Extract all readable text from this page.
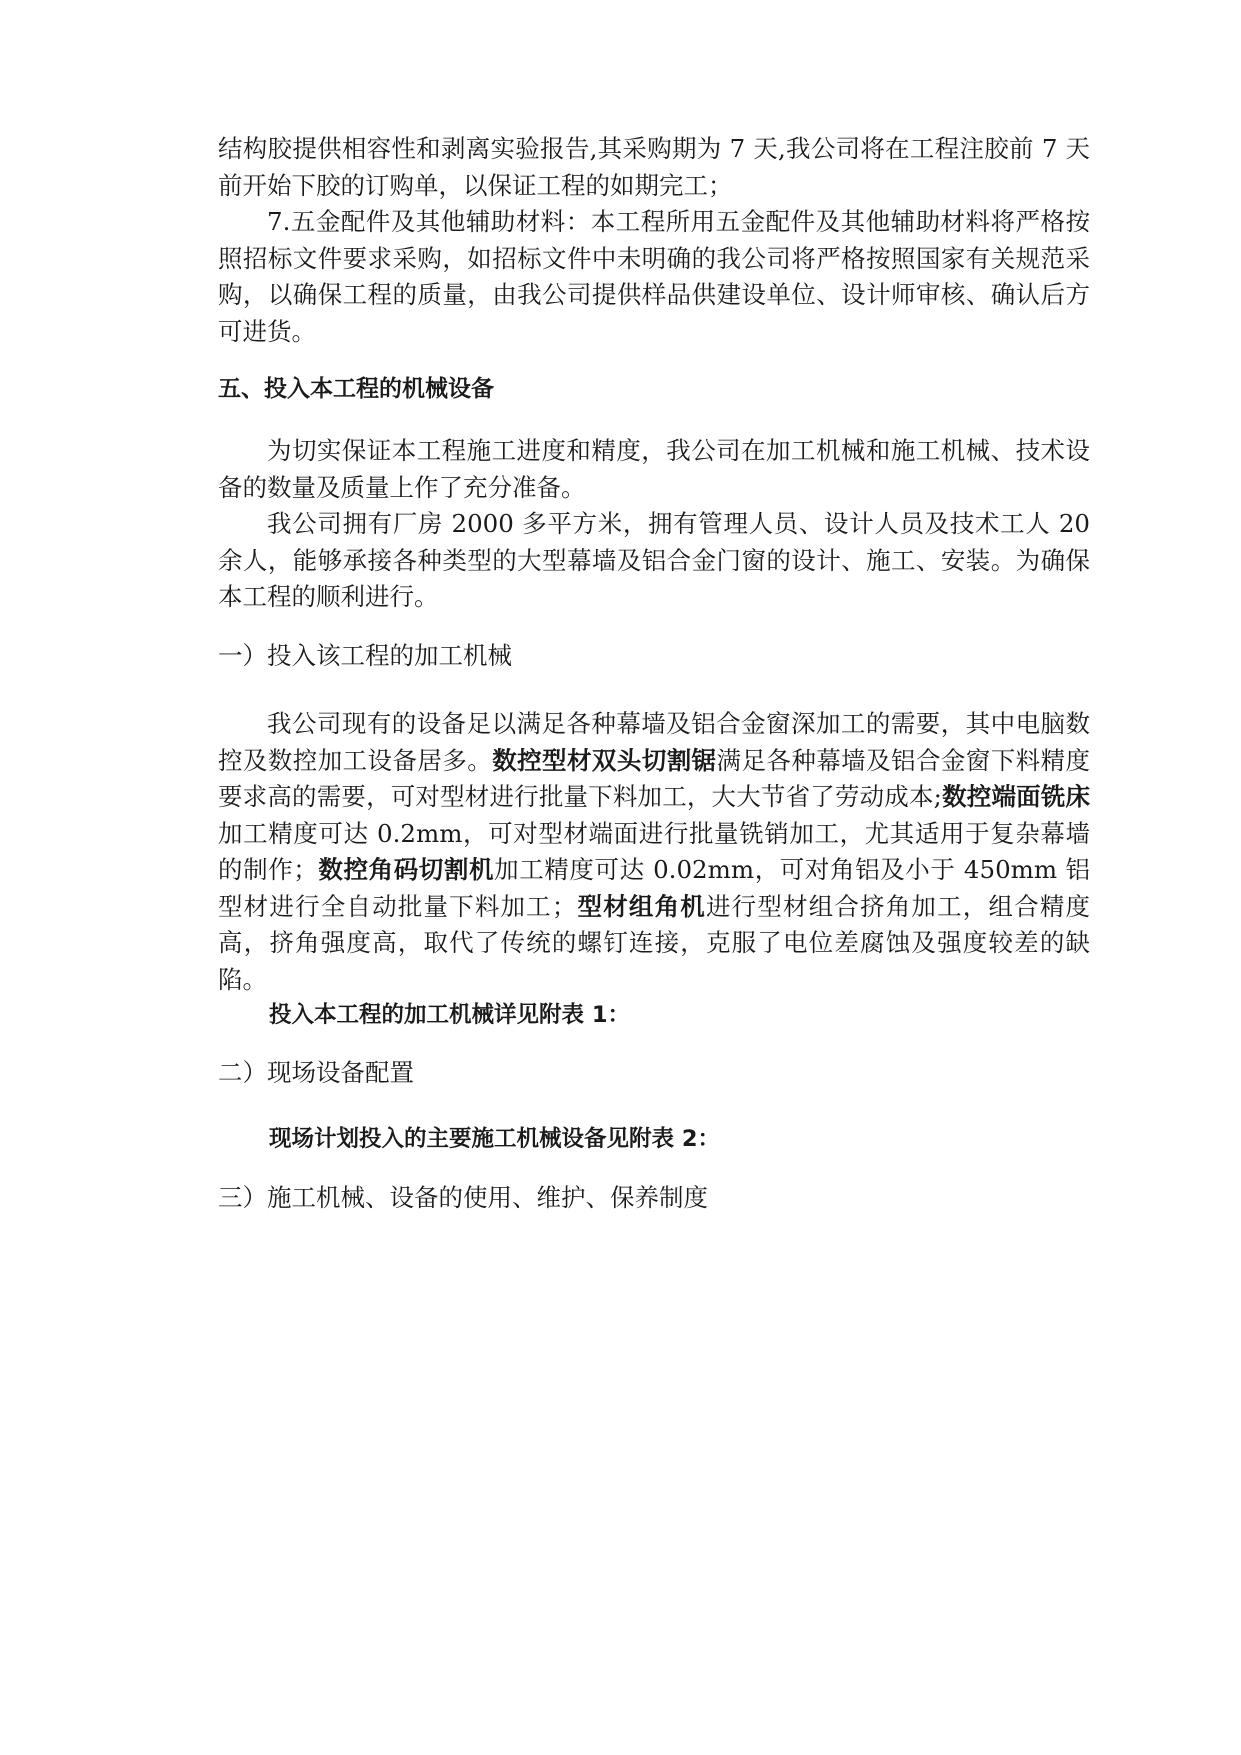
结构胶提供相容性和剥离实验报告,其采购期为 7 天,我公司将在工程注胶前 7 天前开始下胶的订购单，以保证工程的如期完工；

7.五金配件及其他辅助材料：本工程所用五金配件及其他辅助材料将严格按照招标文件要求采购，如招标文件中未明确的我公司将严格按照国家有关规范采购，以确保工程的质量，由我公司提供样品供建设单位、设计师审核、确认后方可进货。

五、投入本工程的机械设备

为切实保证本工程施工进度和精度，我公司在加工机械和施工机械、技术设备的数量及质量上作了充分准备。

我公司拥有厂房 2000 多平方米，拥有管理人员、设计人员及技术工人 20 余人，能够承接各种类型的大型幕墙及铝合金门窗的设计、施工、安装。为确保本工程的顺利进行。

一）投入该工程的加工机械

我公司现有的设备足以满足各种幕墙及铝合金窗深加工的需要，其中电脑数控及数控加工设备居多。数控型材双头切割锯满足各种幕墙及铝合金窗下料精度要求高的需要，可对型材进行批量下料加工，大大节省了劳动成本;数控端面铣床加工精度可达 0.2mm，可对型材端面进行批量铣销加工，尤其适用于复杂幕墙的制作；数控角码切割机加工精度可达 0.02mm，可对角铝及小于 450mm 铝型材进行全自动批量下料加工；型材组角机进行型材组合挤角加工，组合精度高，挤角强度高，取代了传统的螺钉连接，克服了电位差腐蚀及强度较差的缺陷。

投入本工程的加工机械详见附表 1：

二）现场设备配置

现场计划投入的主要施工机械设备见附表 2：

三）施工机械、设备的使用、维护、保养制度
